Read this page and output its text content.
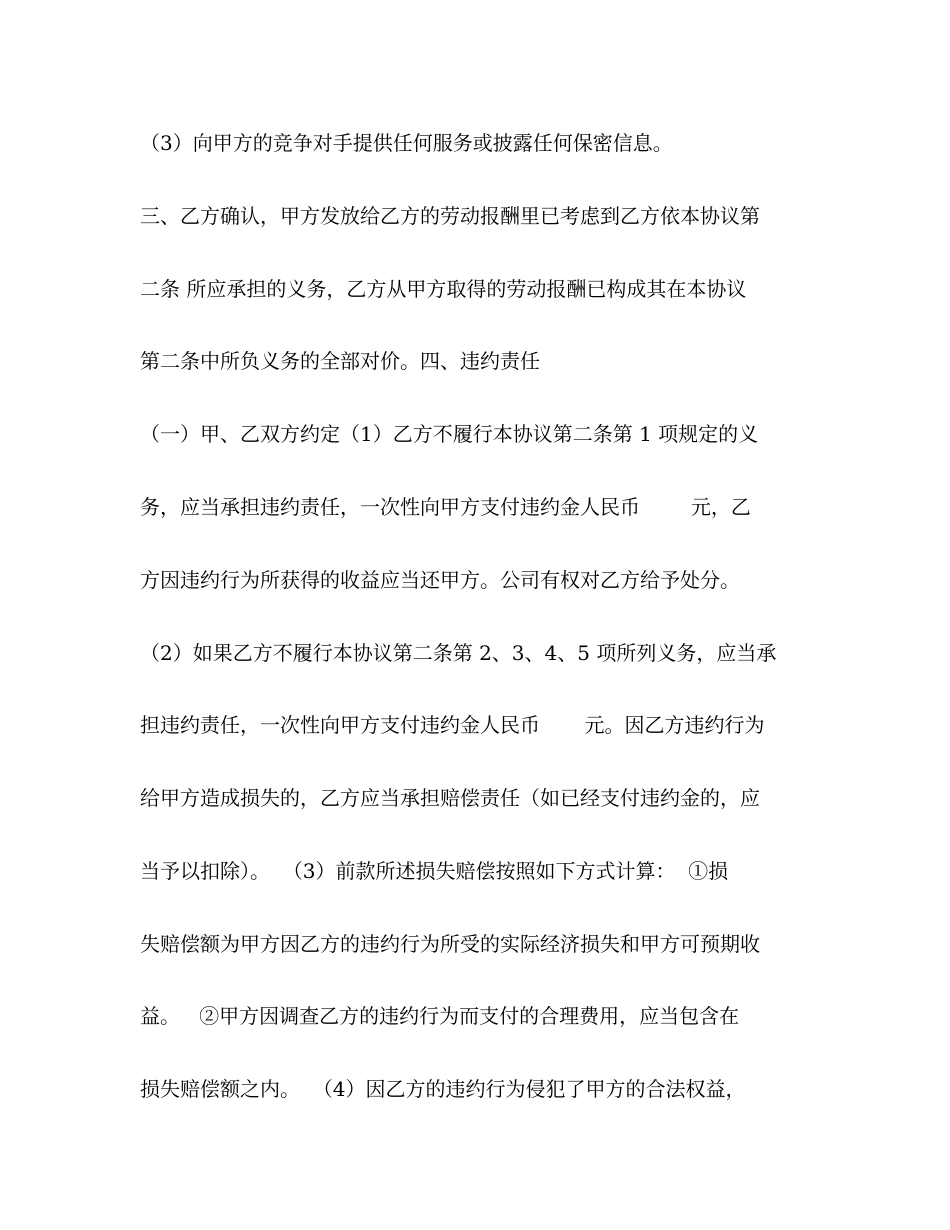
（3）向甲方的竞争对手提供任何服务或披露任何保密信息。
三、乙方确认，甲方发放给乙方的劳动报酬里已考虑到乙方依本协议第
二条 所应承担的义务，乙方从甲方取得的劳动报酬已构成其在本协议
第二条中所负义务的全部对价。四、违约责任
（一）甲、乙双方约定（1）乙方不履行本协议第二条第 1 项规定的义
务，应当承担违约责任，一次性向甲方支付违约金人民币        元，乙
方因违约行为所获得的收益应当还甲方。公司有权对乙方给予处分。
（2）如果乙方不履行本协议第二条第 2、3、4、5 项所列义务，应当承
担违约责任，一次性向甲方支付违约金人民币       元。因乙方违约行为
给甲方造成损失的，乙方应当承担赔偿责任（如已经支付违约金的，应
当予以扣除）。  （3）前款所述损失赔偿按照如下方式计算：  ①损
失赔偿额为甲方因乙方的违约行为所受的实际经济损失和甲方可预期收
益。   ②甲方因调查乙方的违约行为而支付的合理费用，应当包含在
损失赔偿额之内。  （4）因乙方的违约行为侵犯了甲方的合法权益，
